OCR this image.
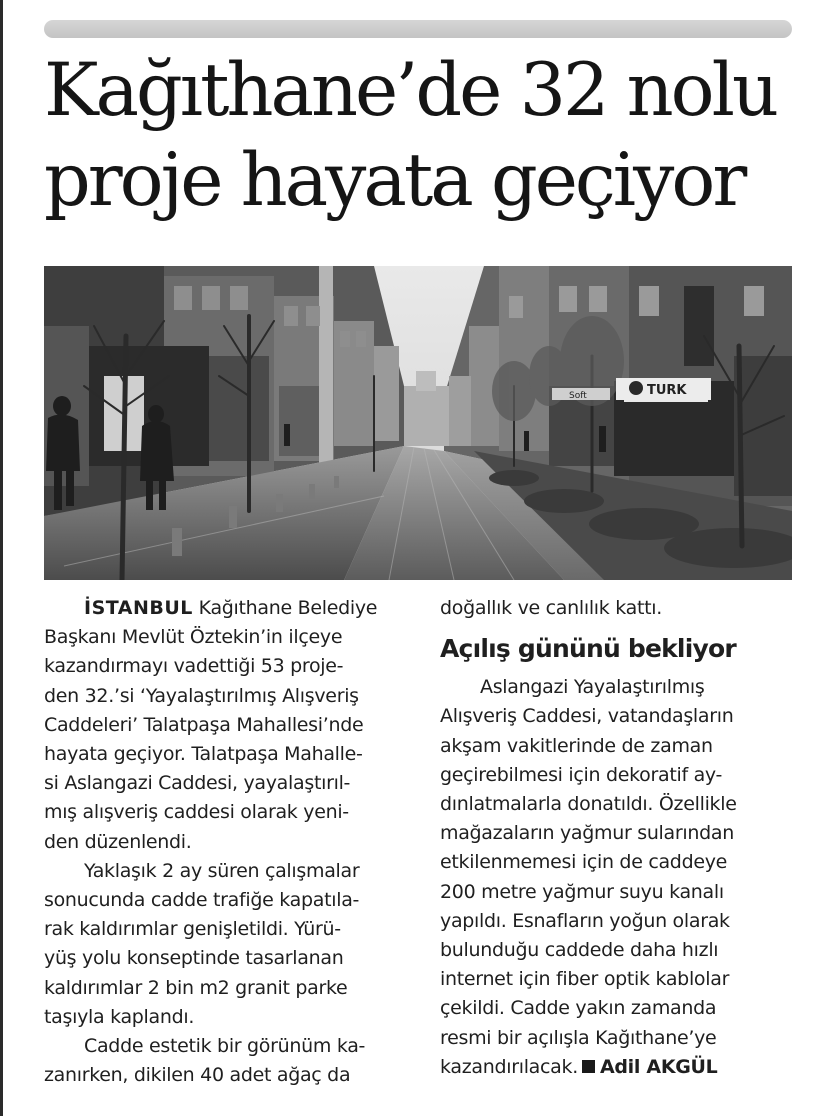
Kağıthane’de 32 nolu
proje hayata geçiyor
TURK
Soft

İSTANBUL Kağıthane Belediye

Başkanı Mevlüt Öztekin’in ilçeye

kazandırmayı vadettiği 53 proje-

den 32.’si ‘Yayalaştırılmış Alışveriş

Caddeleri’ Talatpaşa Mahallesi’nde

hayata geçiyor. Talatpaşa Mahalle-

si Aslangazi Caddesi, yayalaştırıl-

mış alışveriş caddesi olarak yeni-

den düzenlendi.

Yaklaşık 2 ay süren çalışmalar

sonucunda cadde trafiğe kapatıla-

rak kaldırımlar genişletildi. Yürü-

yüş yolu konseptinde tasarlanan

kaldırımlar 2 bin m2 granit parke

taşıyla kaplandı.

Cadde estetik bir görünüm ka-

zanırken, dikilen 40 adet ağaç da

doğallık ve canlılık kattı.

Açılış gününü bekliyor

Aslangazi Yayalaştırılmış

Alışveriş Caddesi, vatandaşların

akşam vakitlerinde de zaman

geçirebilmesi için dekoratif ay-

dınlatmalarla donatıldı. Özellikle

mağazaların yağmur sularından

etkilenmemesi için de caddeye

200 metre yağmur suyu kanalı

yapıldı. Esnafların yoğun olarak

bulunduğu caddede daha hızlı

internet için fiber optik kablolar

çekildi. Cadde yakın zamanda

resmi bir açılışla Kağıthane’ye

kazandırılacak. Adil AKGÜL
